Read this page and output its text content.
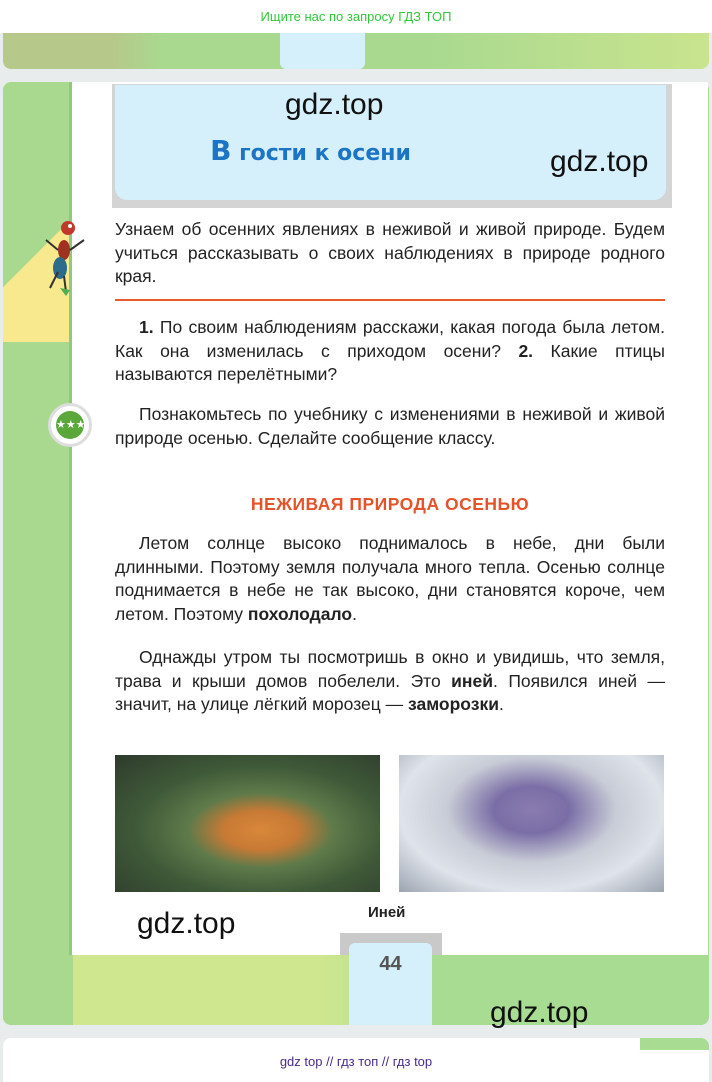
Ищите нас по запросу ГДЗ ТОП
В гости к осени
gdz.top
gdz.top
★★★

Узнаем об осенних явлениях в неживой и живой природе. Будем учиться рассказывать о своих наблюдениях в природе родного края.

1. По своим наблюдениям расскажи, какая погода была летом. Как она изменилась с приходом осени? 2. Какие птицы называются перелётными?

Познакомьтесь по учебнику с изменениями в неживой и живой природе осенью. Сделайте сообщение классу.

НЕЖИВАЯ ПРИРОДА ОСЕНЬЮ

Летом солнце высоко поднималось в небе, дни были длинными. Поэтому земля получала много тепла. Осенью солнце поднимается в небе не так высоко, дни становятся короче, чем летом. Поэтому похолодало.

Однажды утром ты посмотришь в окно и увидишь, что земля, трава и крыши домов побелели. Это иней. Появился иней — значит, на улице лёгкий морозец — заморозки.

Иней
gdz.top
44
gdz.top
gdz top // гдз топ // гдз top
